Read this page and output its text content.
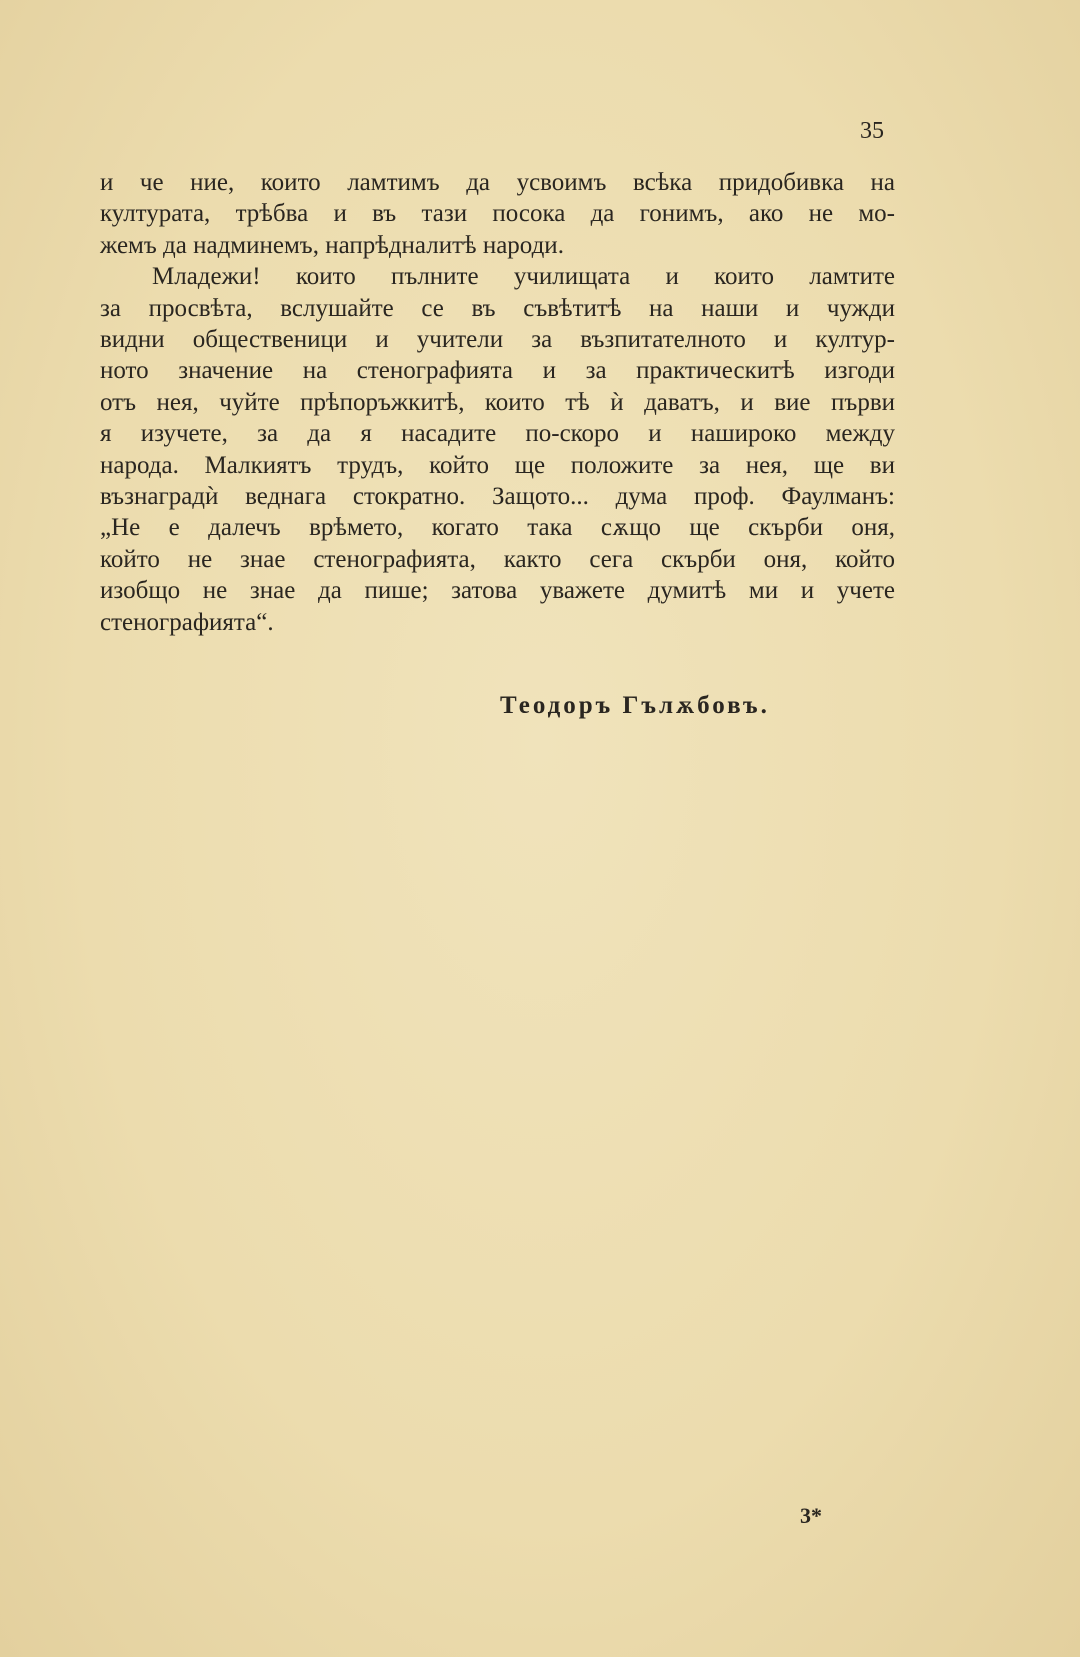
35
и че ние, които ламтимъ да усвоимъ всѣка придобивка на
културата, трѣбва и въ тази посока да гонимъ, ако не мо-
жемъ да надминемъ, напрѣдналитѣ народи.
Младежи! които пълните училищата и които ламтите
за просвѣта, вслушайте се въ съвѣтитѣ на наши и чужди
видни общественици и учители за възпитателното и култур-
ното значение на стенографията и за практическитѣ изгоди
отъ нея, чуйте прѣпоръжкитѣ, които тѣ ѝ даватъ, и вие първи
я изучете, за да я насадите по-скоро и нашироко между
народа. Малкиятъ трудъ, който ще положите за нея, ще ви
възнаградѝ веднага стократно. Защото... дума проф. Фаулманъ:
„Не е далечъ врѣмето, когато така сѫщо ще скърби оня,
който не знае стенографията, както сега скърби оня, който
изобщо не знае да пише; затова уважете думитѣ ми и учете
стенографията“.
Теодоръ Гълѫбовъ.
3*
